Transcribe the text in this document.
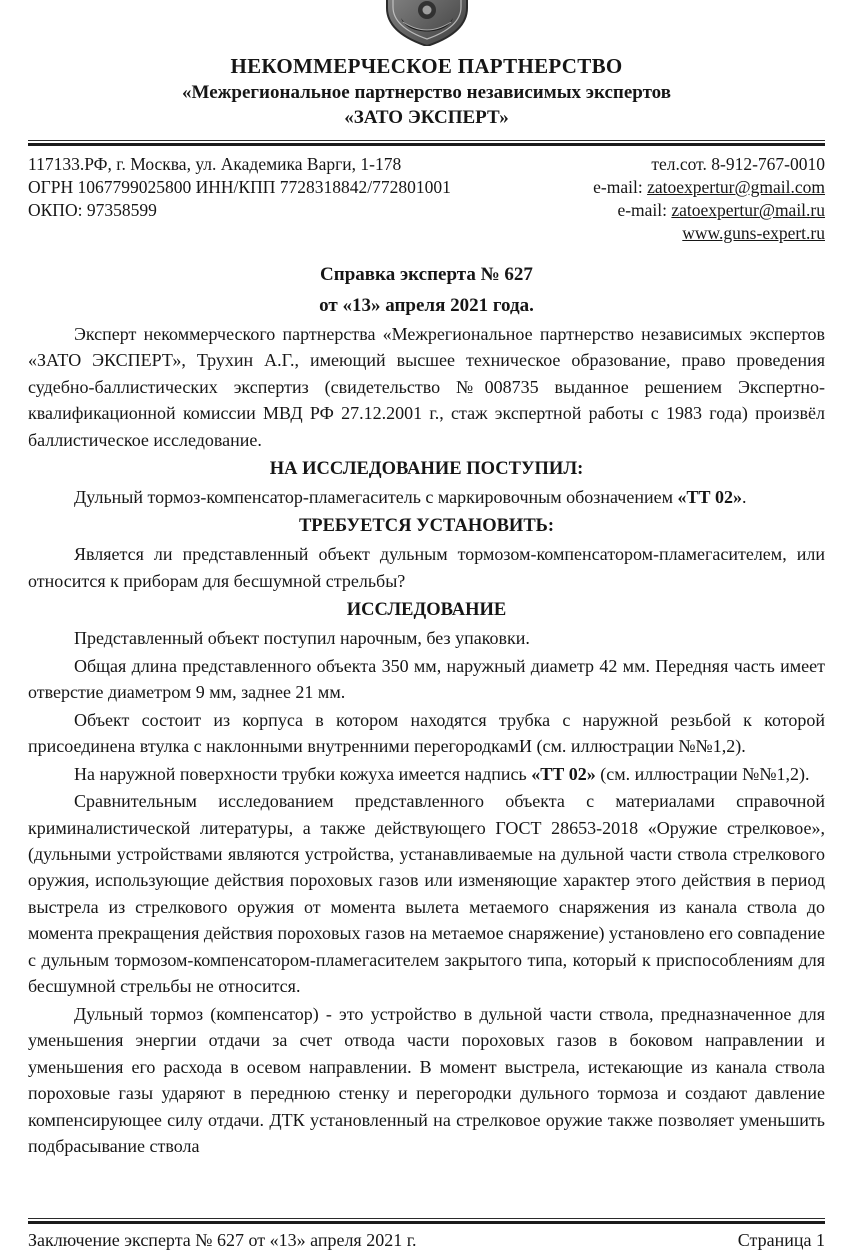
НЕКОММЕРЧЕСКОЕ ПАРТНЕРСТВО
«Межрегиональное партнерство независимых экспертов
«ЗАТО ЭКСПЕРТ»
117133.РФ, г. Москва, ул. Академика Варги, 1-178
ОГРН 1067799025800 ИНН/КПП 7728318842/772801001
ОКПО: 97358599
тел.сот. 8-912-767-0010
e-mail: zatoexpertur@gmail.com
e-mail: zatoexpertur@mail.ru
www.guns-expert.ru
Справка эксперта № 627
от «13» апреля 2021 года.

Эксперт некоммерческого партнерства «Межрегиональное партнерство независимых экспертов «ЗАТО ЭКСПЕРТ», Трухин А.Г., имеющий высшее техническое образование, право проведения судебно-баллистических экспертиз (свидетельство №008735 выданное решением Экспертно-квалификационной комиссии МВД РФ 27.12.2001 г., стаж экспертной работы с 1983 года) произвёл баллистическое исследование.

НА ИССЛЕДОВАНИЕ ПОСТУПИЛ:

Дульный тормоз-компенсатор-пламегаситель с маркировочным обозначением «ТТ 02».

ТРЕБУЕТСЯ УСТАНОВИТЬ:

Является ли представленный объект дульным тормозом-компенсатором-пламегасителем, или относится к приборам для бесшумной стрельбы?

ИССЛЕДОВАНИЕ

Представленный объект поступил нарочным, без упаковки.

Общая длина представленного объекта 350 мм, наружный диаметр 42 мм. Передняя часть имеет отверстие диаметром 9 мм, заднее 21 мм.

Объект состоит из корпуса в котором находятся трубка с наружной резьбой к которой присоединена втулка с наклонными внутренними перегородкамИ (см. иллюстрации №№1,2).

На наружной поверхности трубки кожуха имеется надпись «ТТ 02» (см. иллюстрации №№1,2).

Сравнительным исследованием представленного объекта с материалами справочной криминалистической литературы, а также действующего ГОСТ 28653-2018 «Оружие стрелковое», (дульными устройствами являются устройства, устанавливаемые на дульной части ствола стрелкового оружия, использующие действия пороховых газов или изменяющие характер этого действия в период выстрела из стрелкового оружия от момента вылета метаемого снаряжения из канала ствола до момента прекращения действия пороховых газов на метаемое снаряжение) установлено его совпадение с дульным тормозом-компенсатором-пламегасителем закрытого типа, который к приспособлениям для бесшумной стрельбы не относится.

Дульный тормоз (компенсатор) - это устройство в дульной части ствола, предназначенное для уменьшения энергии отдачи за счет отвода части пороховых газов в боковом направлении и уменьшения его расхода в осевом направлении. В момент выстрела, истекающие из канала ствола пороховые газы ударяют в переднюю стенку и перегородки дульного тормоза и создают давление компенсирующее силу отдачи. ДТК установленный на стрелковое оружие также позволяет уменьшить подбрасывание ствола

Заключение эксперта № 627 от «13» апреля 2021 г.	Страница 1
